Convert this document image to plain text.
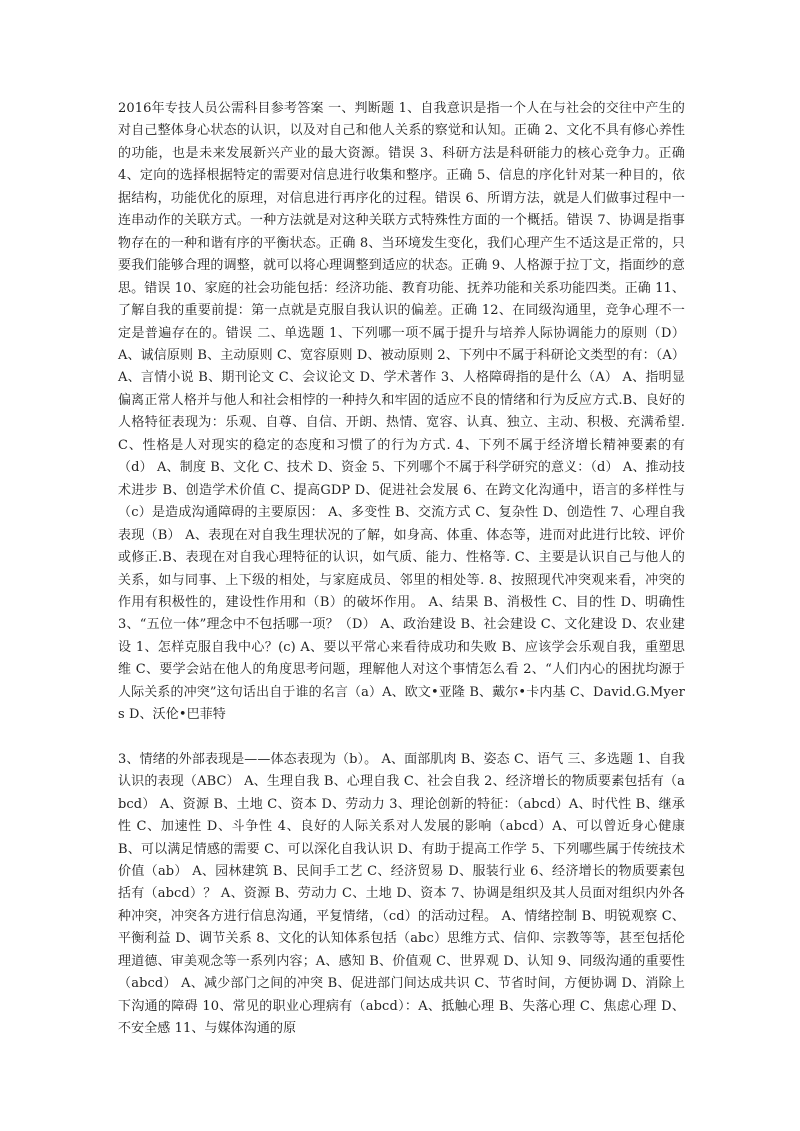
2016年专技人员公需科目参考答案 一、判断题 1、自我意识是指一个人在与社会的交往中产生的对自己整体身心状态的认识，以及对自己和他人关系的察觉和认知。正确 2、文化不具有修心养性的功能，也是未来发展新兴产业的最大资源。错误 3、科研方法是科研能力的核心竞争力。正确 4、定向的选择根据特定的需要对信息进行收集和整序。正确 5、信息的序化针对某一种目的，依据结构，功能优化的原理，对信息进行再序化的过程。错误 6、所谓方法，就是人们做事过程中一连串动作的关联方式。一种方法就是对这种关联方式特殊性方面的一个概括。错误 7、协调是指事物存在的一种和谐有序的平衡状态。正确 8、当环境发生变化，我们心理产生不适这是正常的，只要我们能够合理的调整，就可以将心理调整到适应的状态。正确 9、人格源于拉丁文，指面纱的意思。错误 10、家庭的社会功能包括：经济功能、教育功能、抚养功能和关系功能四类。正确 11、了解自我的重要前提：第一点就是克服自我认识的偏差。正确 12、在同级沟通里，竞争心理不一定是普遍存在的。错误 二、单选题 1、下列哪一项不属于提升与培养人际协调能力的原则（D）A、诚信原则 B、主动原则 C、宽容原则 D、被动原则 2、下列中不属于科研论文类型的有：（A） A、言情小说 B、期刊论文 C、会议论文 D、学术著作 3、人格障碍指的是什么（A） A、指明显偏离正常人格并与他人和社会相悖的一种持久和牢固的适应不良的情绪和行为反应方式.B、良好的人格特征表现为：乐观、自尊、自信、开朗、热情、宽容、认真、独立、主动、积极、充满希望.C、性格是人对现实的稳定的态度和习惯了的行为方式. 4、下列不属于经济增长精神要素的有（d） A、制度 B、文化 C、技术 D、资金 5、下列哪个不属于科学研究的意义：（d） A、推动技术进步 B、创造学术价值 C、提高GDP D、促进社会发展 6、在跨文化沟通中，语言的多样性与（c）是造成沟通障碍的主要原因： A、多变性 B、交流方式 C、复杂性 D、创造性 7、心理自我表现（B） A、表现在对自我生理状况的了解，如身高、体重、体态等，进而对此进行比较、评价或修正.B、表现在对自我心理特征的认识，如气质、能力、性格等. C、主要是认识自己与他人的关系，如与同事、上下级的相处，与家庭成员、邻里的相处等. 8、按照现代冲突观来看，冲突的作用有积极性的，建设性作用和（B）的破坏作用。 A、结果 B、消极性 C、目的性 D、明确性 3、“五位一体”理念中不包括哪一项？（D） A、政治建设 B、社会建设 C、文化建设 D、农业建设 1、怎样克服自我中心？(c) A、要以平常心来看待成功和失败 B、应该学会乐观自我，重塑思维 C、要学会站在他人的角度思考问题，理解他人对这个事情怎么看 2、“人们内心的困扰均源于人际关系的冲突”这句话出自于谁的名言（a）A、欧文•亚隆 B、戴尔•卡内基 C、David.G.Myers D、沃伦•巴菲特

3、情绪的外部表现是——体态表现为（b）。 A、面部肌肉 B、姿态 C、语气 三、多选题 1、自我认识的表现（ABC） A、生理自我 B、心理自我 C、社会自我 2、经济增长的物质要素包括有（abcd） A、资源 B、土地 C、资本 D、劳动力 3、理论创新的特征：（abcd）A、时代性 B、继承性 C、加速性 D、斗争性 4、良好的人际关系对人发展的影响（abcd）A、可以曾近身心健康 B、可以满足情感的需要 C、可以深化自我认识 D、有助于提高工作学 5、下列哪些属于传统技术价值（ab） A、园林建筑 B、民间手工艺 C、经济贸易 D、服装行业 6、经济增长的物质要素包括有（abcd）？ A、资源 B、劳动力 C、土地 D、资本 7、协调是组织及其人员面对组织内外各种冲突，冲突各方进行信息沟通，平复情绪，（cd）的活动过程。 A、情绪控制 B、明锐观察 C、平衡利益 D、调节关系 8、文化的认知体系包括（abc）思维方式、信仰、宗教等等，甚至包括伦理道德、审美观念等一系列内容；A、感知 B、价值观 C、世界观 D、认知 9、同级沟通的重要性（abcd） A、减少部门之间的冲突 B、促进部门间达成共识 C、节省时间，方便协调 D、消除上下沟通的障碍 10、常见的职业心理病有（abcd）：A、抵触心理 B、失落心理 C、焦虑心理 D、不安全感 11、与媒体沟通的原
